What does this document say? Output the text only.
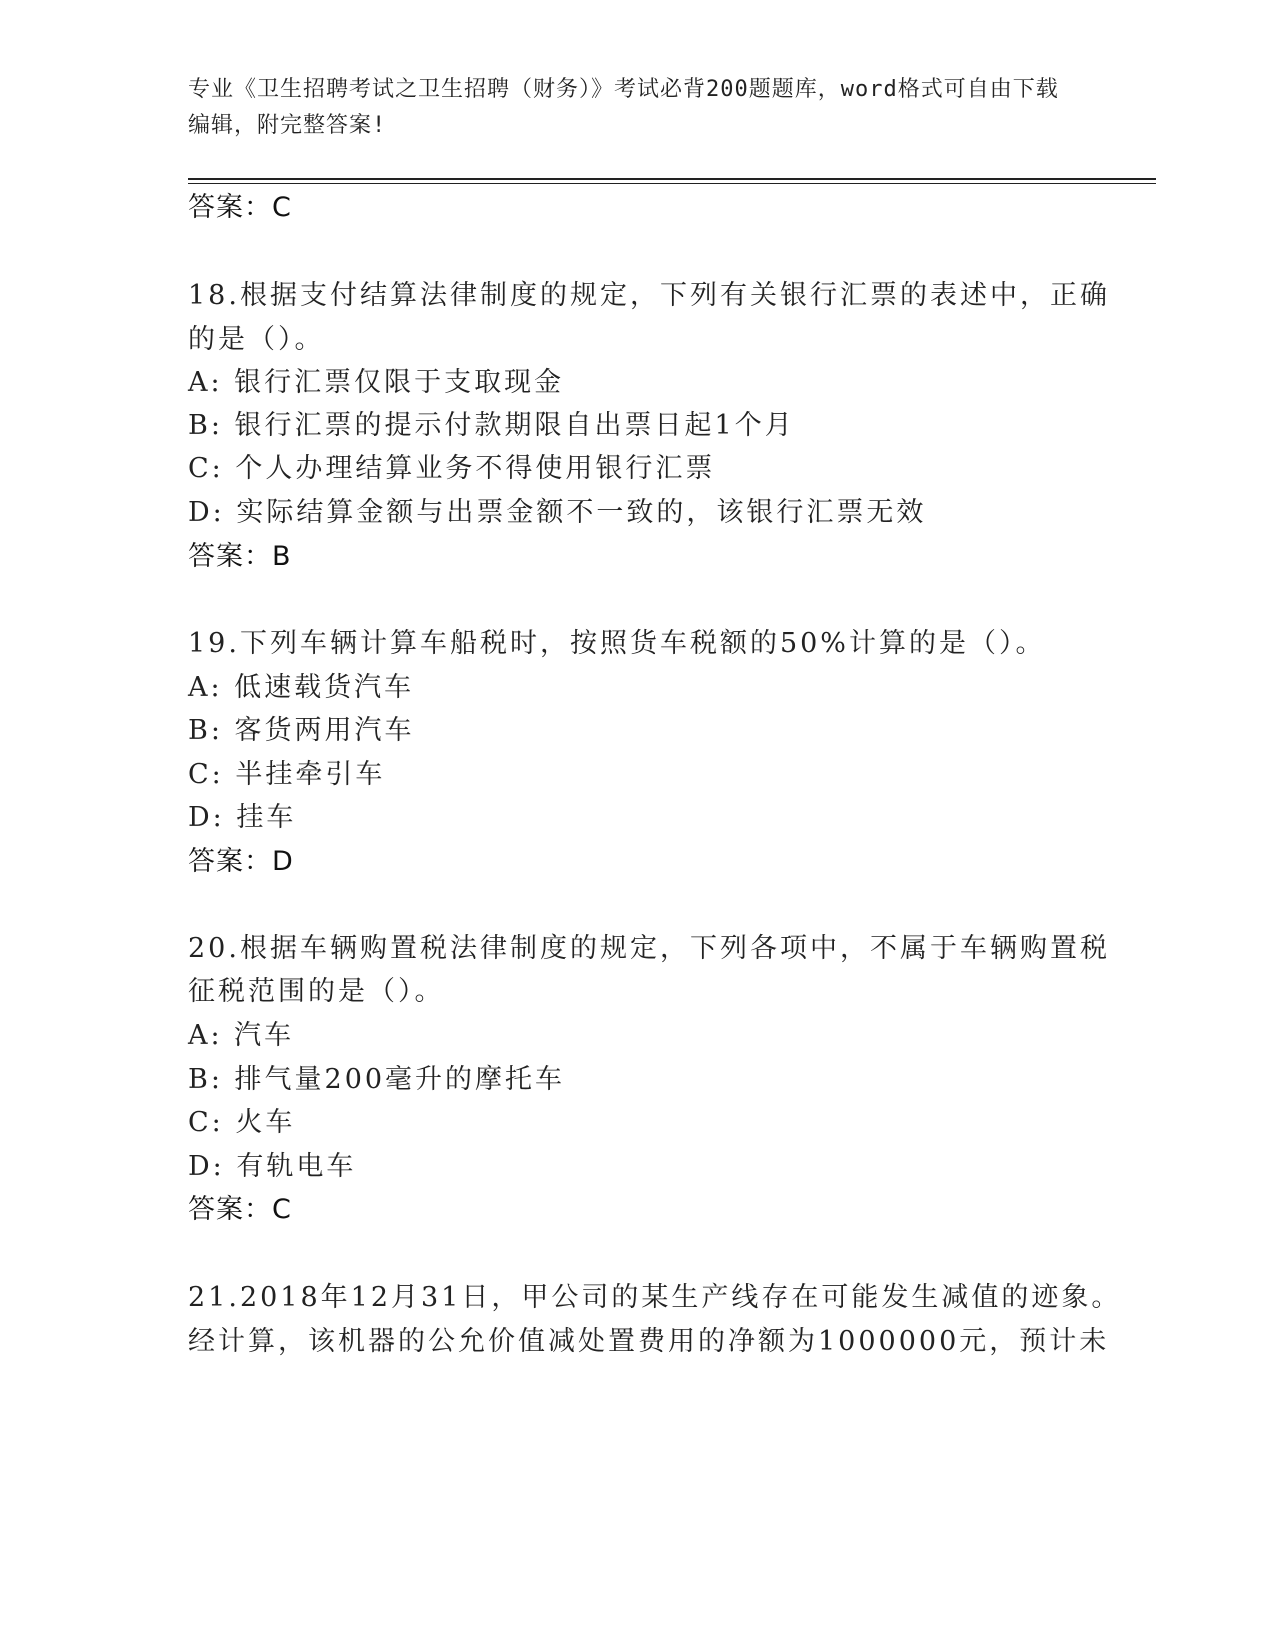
专业《卫生招聘考试之卫生招聘（财务）》考试必背200题题库，word格式可自由下载编辑，附完整答案!
答案：C
18.根据支付结算法律制度的规定，下列有关银行汇票的表述中，正确
的是（）。
A: 银行汇票仅限于支取现金
B: 银行汇票的提示付款期限自出票日起1个月
C: 个人办理结算业务不得使用银行汇票
D: 实际结算金额与出票金额不一致的，该银行汇票无效
答案：B
19.下列车辆计算车船税时，按照货车税额的50%计算的是（）。
A: 低速载货汽车
B: 客货两用汽车
C: 半挂牵引车
D: 挂车
答案：D
20.根据车辆购置税法律制度的规定，下列各项中，不属于车辆购置税
征税范围的是（）。
A: 汽车
B: 排气量200毫升的摩托车
C: 火车
D: 有轨电车
答案：C
21.2018年12月31日，甲公司的某生产线存在可能发生减值的迹象。
经计算，该机器的公允价值减处置费用的净额为1000000元，预计未
